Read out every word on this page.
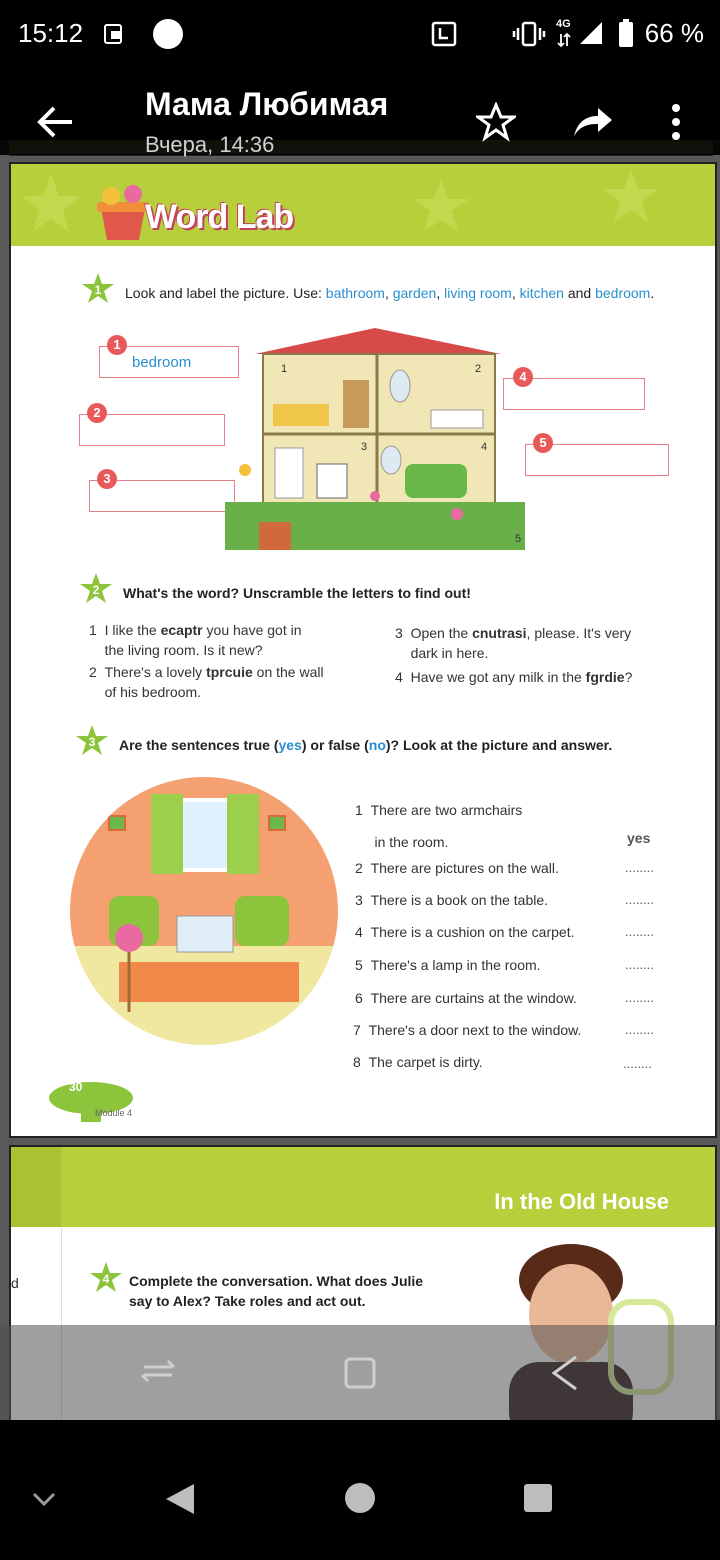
15:12	4G	66 %
Word Lab
1 Look and label the picture. Use: bathroom, garden, living room, kitchen and bedroom.
bedroom
1
2
3
4
5
1	2
3	4
5
2 What's the word? Unscramble the letters to find out!
1 I like the ecaptr you have got in
the living room. Is it new?
2 There's a lovely tprcuie on the wall
of his bedroom.
3 Open the cnutrasi, please. It's very
dark in here.
4 Have we got any milk in the fgrdie?
3 Are the sentences true (yes) or false (no)? Look at the picture and answer.
1 There are two armchairs
in the room.	yes
2 There are pictures on the wall.	........
3 There is a book on the table.	........
4 There is a cushion on the carpet.	........
5 There's a lamp in the room.	........
6 There are curtains at the window.	........
7 There's a door next to the window.	........
8 The carpet is dirty.	........
30
Module 4
In the Old House
d	4 Complete the conversation. What does Julie
say to Alex? Take roles and act out.
Мама Любимая
Вчера, 14:36
